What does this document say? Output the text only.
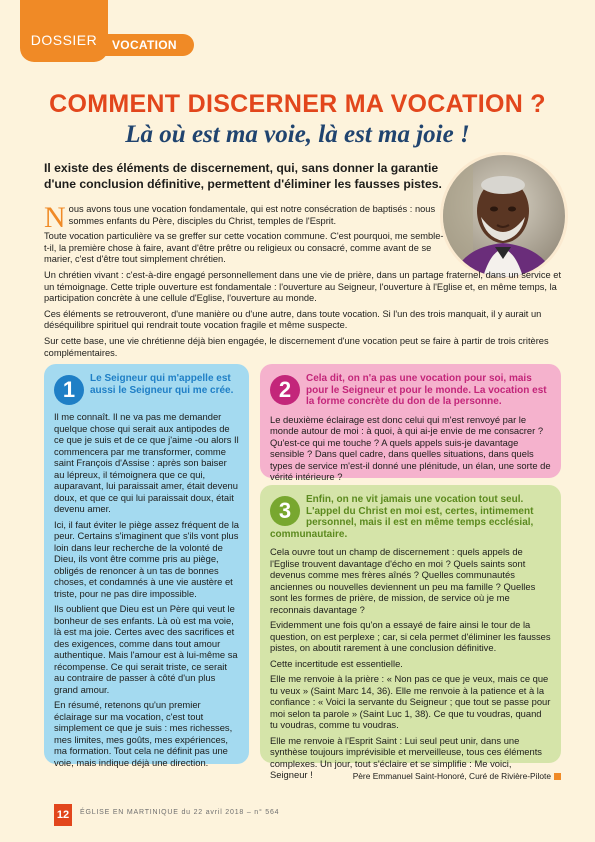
DOSSIER	VOCATION
COMMENT DISCERNER MA VOCATION ?
Là où est ma voie, là est ma joie !

Il existe des éléments de discernement, qui, sans donner la garantie d'une conclusion définitive, permettent d'éliminer les fausses pistes.

Nous avons tous une vocation fondamentale, qui est notre consécration de baptisés : nous sommes enfants du Père, disciples du Christ, temples de l'Esprit.

Toute vocation particulière va se greffer sur cette vocation commune. C'est pourquoi, me semble-t-il, la première chose à faire, avant d'être prêtre ou religieux ou consacré, comme avant de se marier, c'est d'être tout simplement chrétien.

Un chrétien vivant : c'est-à-dire engagé personnellement dans une vie de prière, dans un partage fraternel, dans un service et un témoignage. Cette triple ouverture est fondamentale : l'ouverture au Seigneur, l'ouverture à l'Eglise et, en même temps, la participation concrète à une cellule d'Eglise, l'ouverture au monde.

Ces éléments se retrouveront, d'une manière ou d'une autre, dans toute vocation. Si l'un des trois manquait, il y aurait un déséquilibre spirituel qui rendrait toute vocation fragile et même suspecte.

Sur cette base, une vie chrétienne déjà bien engagée, le discernement d'une vocation peut se faire à partir de trois critères complémentaires.

1	Le Seigneur qui m'appelle est aussi le Seigneur qui me crée.

Il me connaît. Il ne va pas me demander quelque chose qui serait aux antipodes de ce que je suis et de ce que j'aime -ou alors Il commencera par me transformer, comme saint François d'Assise : après son baiser au lépreux, il témoignera que ce qui, auparavant, lui paraissait amer, était devenu doux, et que ce qui lui paraissait doux, était devenu amer.

Ici, il faut éviter le piège assez fréquent de la peur. Certains s'imaginent que s'ils vont plus loin dans leur recherche de la volonté de Dieu, ils vont être comme pris au piège, obligés de renoncer à un tas de bonnes choses, et condamnés à une vie austère et triste, pour ne pas dire impossible.

Ils oublient que Dieu est un Père qui veut le bonheur de ses enfants. Là où est ma voie, là est ma joie. Certes avec des sacrifices et des exigences, comme dans tout amour authentique. Mais l'amour est à lui-même sa récompense. Ce qui serait triste, ce serait au contraire de passer à côté d'un plus grand amour.

En résumé, retenons qu'un premier éclairage sur ma vocation, c'est tout simplement ce que je suis : mes richesses, mes limites, mes goûts, mes expériences, ma formation. Tout cela ne définit pas une voie, mais indique déjà une direction.

2	Cela dit, on n'a pas une vocation pour soi, mais pour le Seigneur et pour le monde. La vocation est la forme concrète du don de la personne.

Le deuxième éclairage est donc celui qui m'est renvoyé par le monde autour de moi : à quoi, à qui ai-je envie de me consacrer ? Qu'est-ce qui me touche ? A quels appels suis-je davantage sensible ? Dans quel cadre, dans quelles situations, dans quels types de service m'est-il donné une plénitude, un élan, une sorte de vérité intérieure ?

3	Enfin, on ne vit jamais une vocation tout seul. L'appel du Christ en moi est, certes, intimement personnel, mais il est en même temps ecclésial, communautaire.

Cela ouvre tout un champ de discernement : quels appels de l'Eglise trouvent davantage d'écho en moi ? Quels saints sont devenus comme mes frères aînés ? Quelles communautés anciennes ou nouvelles deviennent un peu ma famille ? Quelles sont les formes de prière, de mission, de service où je me reconnais davantage ?

Evidemment une fois qu'on a essayé de faire ainsi le tour de la question, on est perplexe ; car, si cela permet d'éliminer les fausses pistes, on aboutit rarement à une conclusion définitive.

Cette incertitude est essentielle.

Elle me renvoie à la prière : « Non pas ce que je veux, mais ce que tu veux » (Saint Marc 14, 36). Elle me renvoie à la patience et à la confiance : « Voici la servante du Seigneur ; que tout se passe pour moi selon ta parole » (Saint Luc 1, 38). Ce que tu voudras, quand tu voudras, comme tu voudras.

Elle me renvoie à l'Esprit Saint : Lui seul peut unir, dans une synthèse toujours imprévisible et merveilleuse, tous ces éléments complexes. Un jour, tout s'éclaire et se simplifie : Me voici, Seigneur !	Père Emmanuel Saint-Honoré, Curé de Rivière-Pilote
12	ÉGLISE EN MARTINIQUE du 22 avril 2018 – n° 564
